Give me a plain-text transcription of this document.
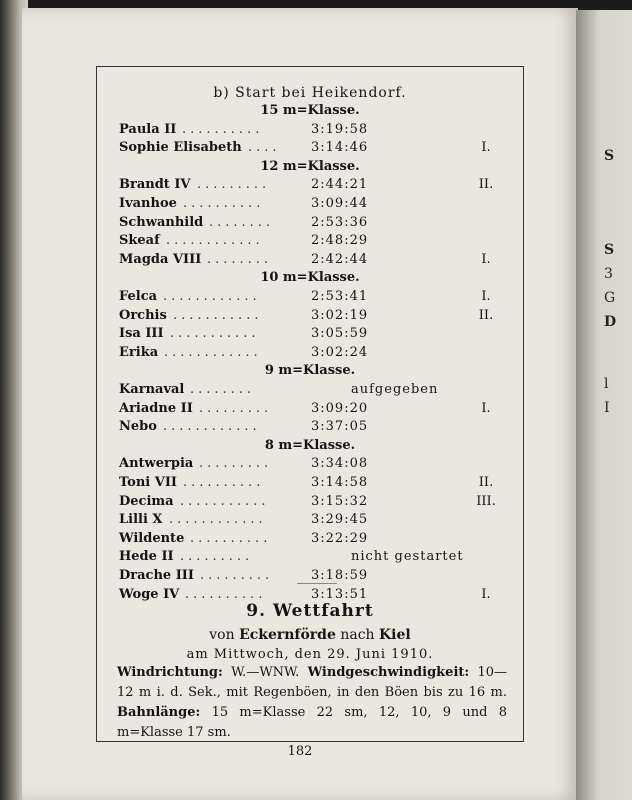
S
S
3
G
D
l
I
b) Start bei Heikendorf.
15 m=Klasse.
Paula II ..........	3:19:58
Sophie Elisabeth .... 3:14:46	I.
12 m=Klasse.
Brandt IV .........	2:44:21	II.
Ivanhoe ..........	3:09:44
Schwanhild ........	2:53:36
Skeaf ............	2:48:29
Magda VIII ........	2:42:44	I.
10 m=Klasse.
Felca ............	2:53:41	I.
Orchis ...........	3:02:19	II.
Isa III ...........	3:05:59
Erika ............	3:02:24
9 m=Klasse.
Karnaval ........	aufgegeben
Ariadne II .........	3:09:20	I.
Nebo ............	3:37:05
8 m=Klasse.
Antwerpia .........	3:34:08
Toni VII ..........	3:14:58	II.
Decima ...........	3:15:32	III.
Lilli X ............	3:29:45
Wildente ..........	3:22:29
Hede II .........	nicht gestartet
Drache III .........	3:18:59
Woge IV ..........	3:13:51	I.
9. Wettfahrt
von Eckernförde nach Kiel
am Mittwoch, den 29. Juni 1910.
Windrichtung: W.—WNW. Windgeschwindigkeit: 10—12 m i. d. Sek., mit Regenböen, in den Böen bis zu 16 m. Bahnlänge: 15 m=Klasse 22 sm, 12, 10, 9 und 8 m=Klasse 17 sm.
182
